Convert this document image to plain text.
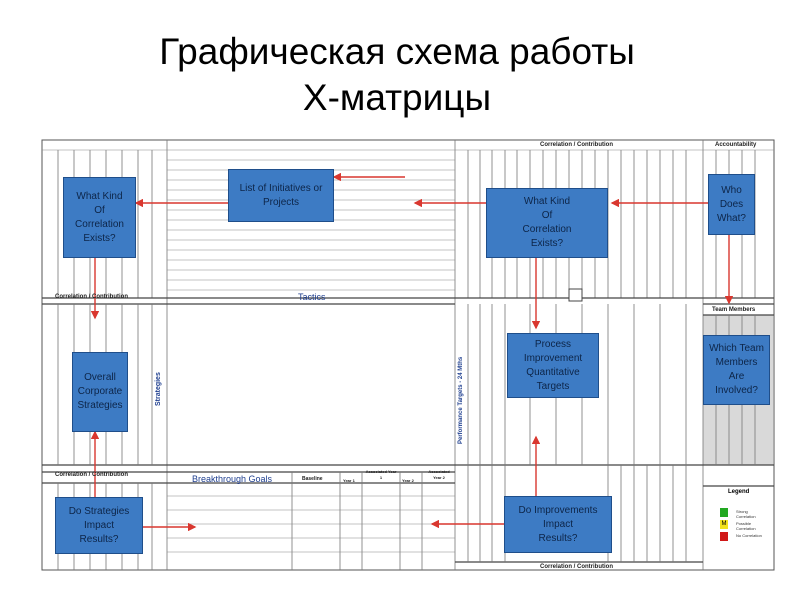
Графическая схема работы
X-матрицы
Correlation / Contribution	Accountability
Correlation / Contribution	Tactics
Team Members
Correlation / Contribution	Breakthrough Goals
Correlation / Contribution
Baseline	Year 1
Associated Year 1
Year 2
Associated Year 2
Strategies	Performance Targets - 24 Mths
What Kind
Of
Correlation
Exists?
List of Initiatives or
Projects	What Kind
Of
Correlation
Exists?
Who
Does
What?
Overall
Corporate
Strategies
Process
Improvement
Quantitative
Targets
Which Team
Members
Are
Involved?
Do Strategies
Impact
Results?
Do Improvements
Impact
Results?
Legend
Strong Correlation
M	Possible Correlation
No Correlation
